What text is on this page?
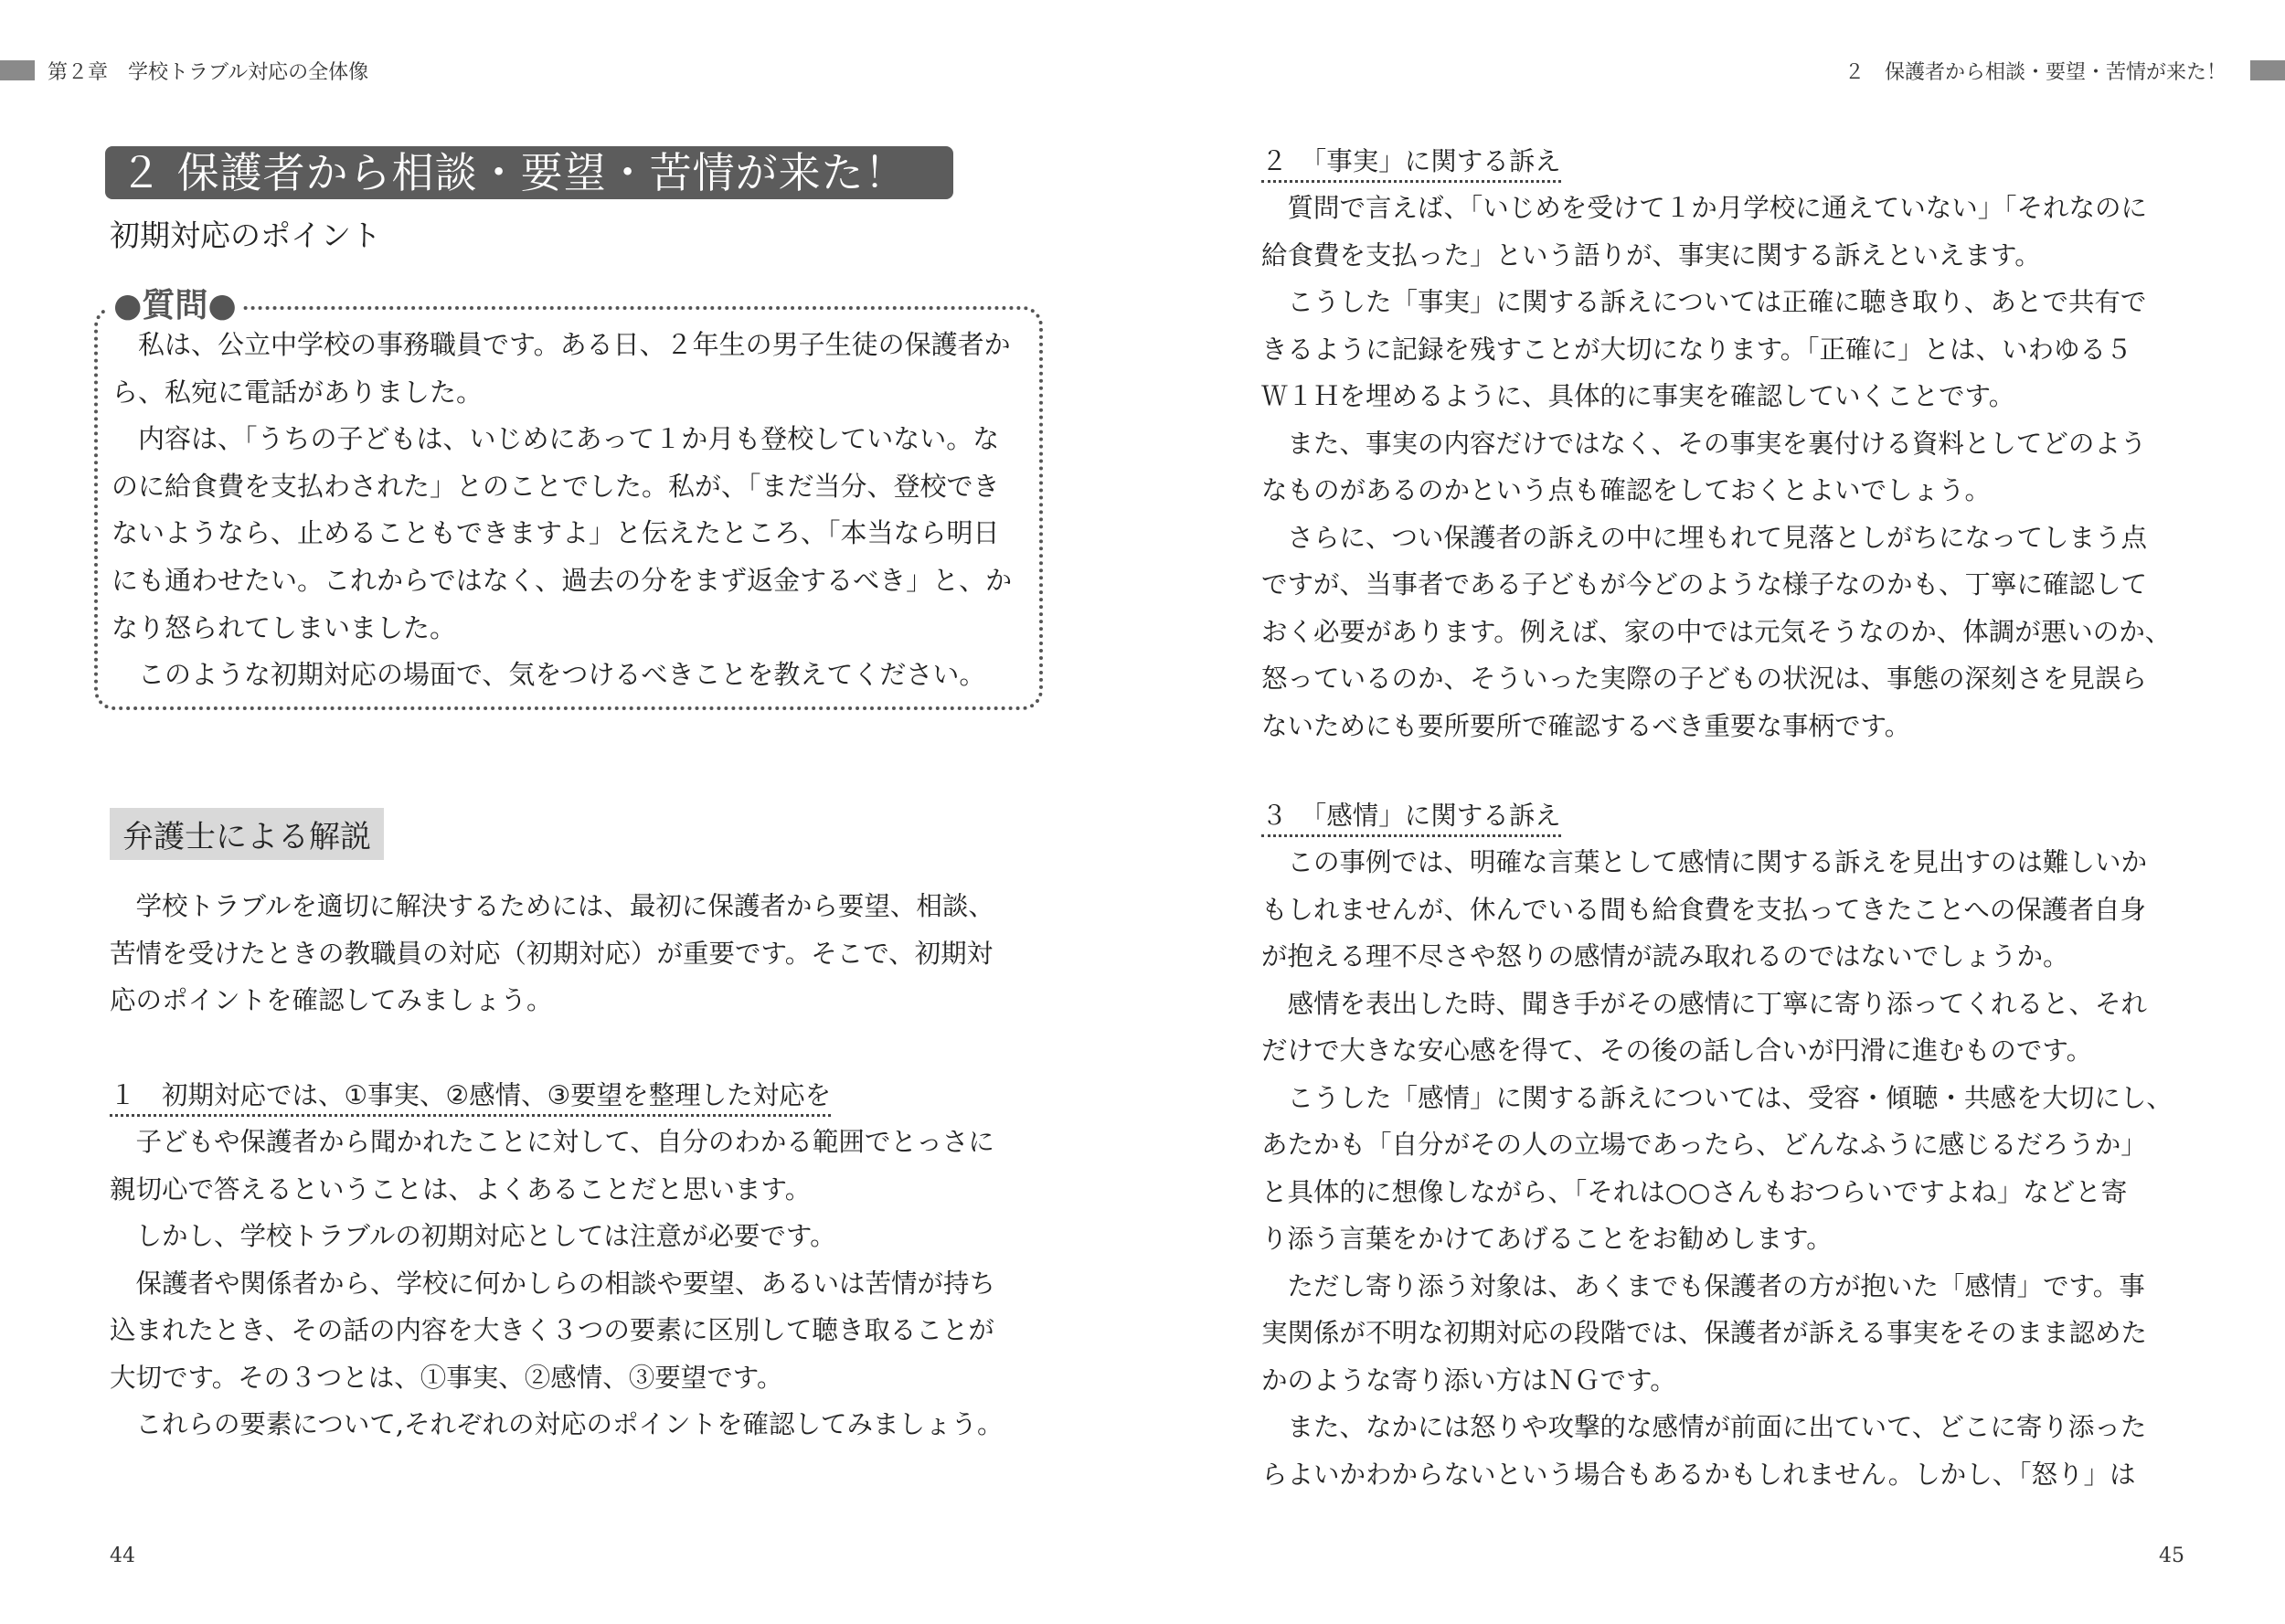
第２章　学校トラブル対応の全体像	２　保護者から相談・要望・苦情が来た！
２ 保護者から相談・要望・苦情が来た！
初期対応のポイント
●質問●

　私は、公立中学校の事務職員です。ある日、２年生の男子生徒の保護者か

ら、私宛に電話がありました。

　内容は、「うちの子どもは、いじめにあって１か月も登校していない。な

のに給食費を支払わされた」とのことでした。私が、「まだ当分、登校でき

ないようなら、止めることもできますよ」と伝えたところ、「本当なら明日

にも通わせたい。これからではなく、過去の分をまず返金するべき」と、か

なり怒られてしまいました。

　このような初期対応の場面で、気をつけるべきことを教えてください。

弁護士による解説

　学校トラブルを適切に解決するためには、最初に保護者から要望、相談、

苦情を受けたときの教職員の対応（初期対応）が重要です。そこで、初期対

応のポイントを確認してみましょう。

１　初期対応では、①事実、②感情、③要望を整理した対応を

　子どもや保護者から聞かれたことに対して、自分のわかる範囲でとっさに

親切心で答えるということは、よくあることだと思います。

　しかし、学校トラブルの初期対応としては注意が必要です。

　保護者や関係者から、学校に何かしらの相談や要望、あるいは苦情が持ち

込まれたとき、その話の内容を大きく３つの要素に区別して聴き取ることが

大切です。その３つとは、①事実、②感情、③要望です。

　これらの要素について,それぞれの対応のポイントを確認してみましょう。

44
２　「事実」に関する訴え

　質問で言えば、「いじめを受けて１か月学校に通えていない」「それなのに

給食費を支払った」という語りが、事実に関する訴えといえます。

　こうした「事実」に関する訴えについては正確に聴き取り、あとで共有で

きるように記録を残すことが大切になります。「正確に」とは、いわゆる５

Ｗ１Ｈを埋めるように、具体的に事実を確認していくことです。

　また、事実の内容だけではなく、その事実を裏付ける資料としてどのよう

なものがあるのかという点も確認をしておくとよいでしょう。

　さらに、つい保護者の訴えの中に埋もれて見落としがちになってしまう点

ですが、当事者である子どもが今どのような様子なのかも、丁寧に確認して

おく必要があります。例えば、家の中では元気そうなのか、体調が悪いのか、

怒っているのか、そういった実際の子どもの状況は、事態の深刻さを見誤ら

ないためにも要所要所で確認するべき重要な事柄です。

３　「感情」に関する訴え

　この事例では、明確な言葉として感情に関する訴えを見出すのは難しいか

もしれませんが、休んでいる間も給食費を支払ってきたことへの保護者自身

が抱える理不尽さや怒りの感情が読み取れるのではないでしょうか。

　感情を表出した時、聞き手がその感情に丁寧に寄り添ってくれると、それ

だけで大きな安心感を得て、その後の話し合いが円滑に進むものです。

　こうした「感情」に関する訴えについては、受容・傾聴・共感を大切にし、

あたかも「自分がその人の立場であったら、どんなふうに感じるだろうか」

と具体的に想像しながら、「それは○○さんもおつらいですよね」などと寄

り添う言葉をかけてあげることをお勧めします。

　ただし寄り添う対象は、あくまでも保護者の方が抱いた「感情」です。事

実関係が不明な初期対応の段階では、保護者が訴える事実をそのまま認めた

かのような寄り添い方はＮＧです。

　また、なかには怒りや攻撃的な感情が前面に出ていて、どこに寄り添った

らよいかわからないという場合もあるかもしれません。しかし、「怒り」は

45
